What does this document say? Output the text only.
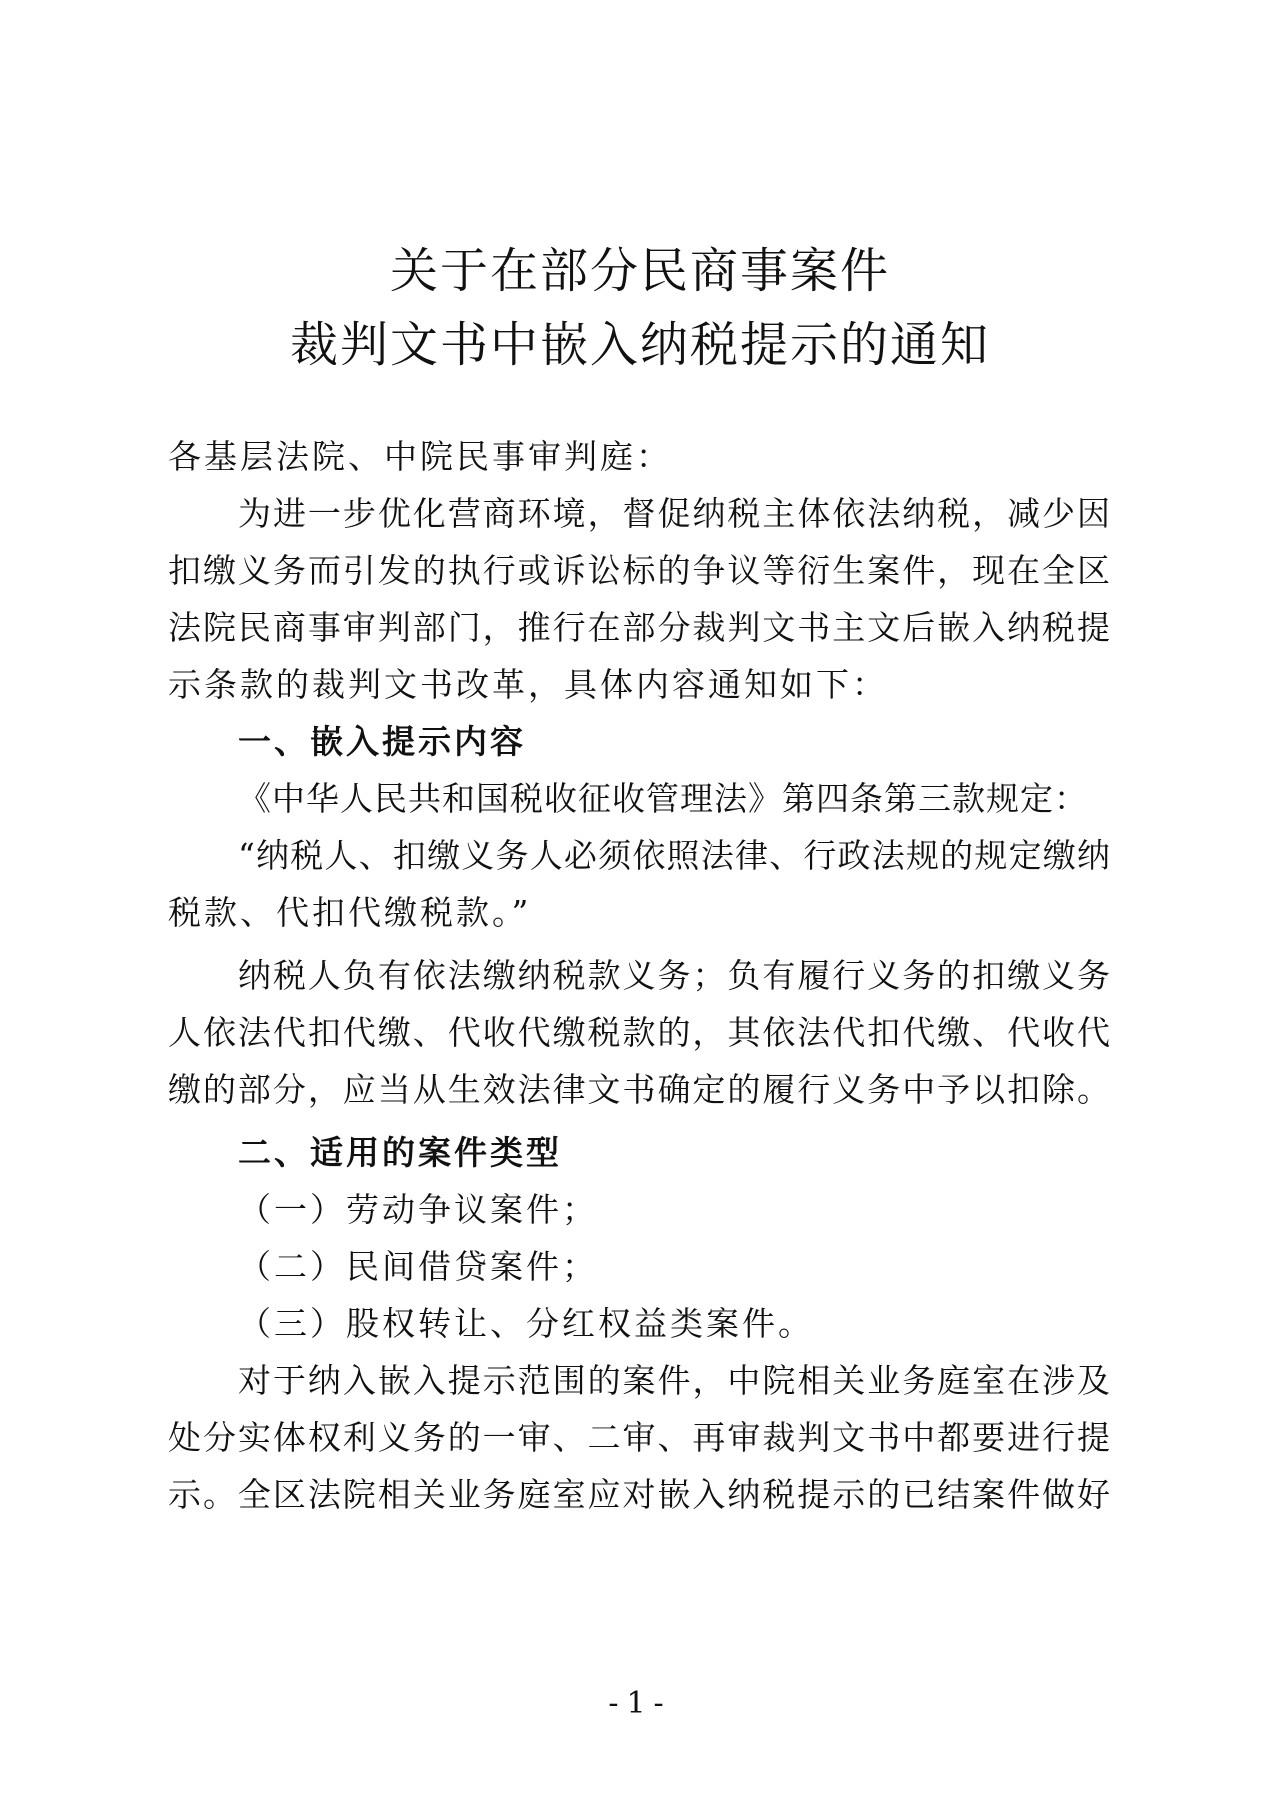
关于在部分民商事案件
裁判文书中嵌入纳税提示的通知
各基层法院、中院民事审判庭：
为进一步优化营商环境，督促纳税主体依法纳税，减少因
扣缴义务而引发的执行或诉讼标的争议等衍生案件，现在全区
法院民商事审判部门，推行在部分裁判文书主文后嵌入纳税提
示条款的裁判文书改革，具体内容通知如下：
一、嵌入提示内容
《中华人民共和国税收征收管理法》第四条第三款规定：
“纳税人、扣缴义务人必须依照法律、行政法规的规定缴纳
税款、代扣代缴税款。”
纳税人负有依法缴纳税款义务；负有履行义务的扣缴义务
人依法代扣代缴、代收代缴税款的，其依法代扣代缴、代收代
缴的部分，应当从生效法律文书确定的履行义务中予以扣除。
二、适用的案件类型
（一）劳动争议案件；
（二）民间借贷案件；
（三）股权转让、分红权益类案件。
对于纳入嵌入提示范围的案件，中院相关业务庭室在涉及
处分实体权利义务的一审、二审、再审裁判文书中都要进行提
示。全区法院相关业务庭室应对嵌入纳税提示的已结案件做好
-1-
